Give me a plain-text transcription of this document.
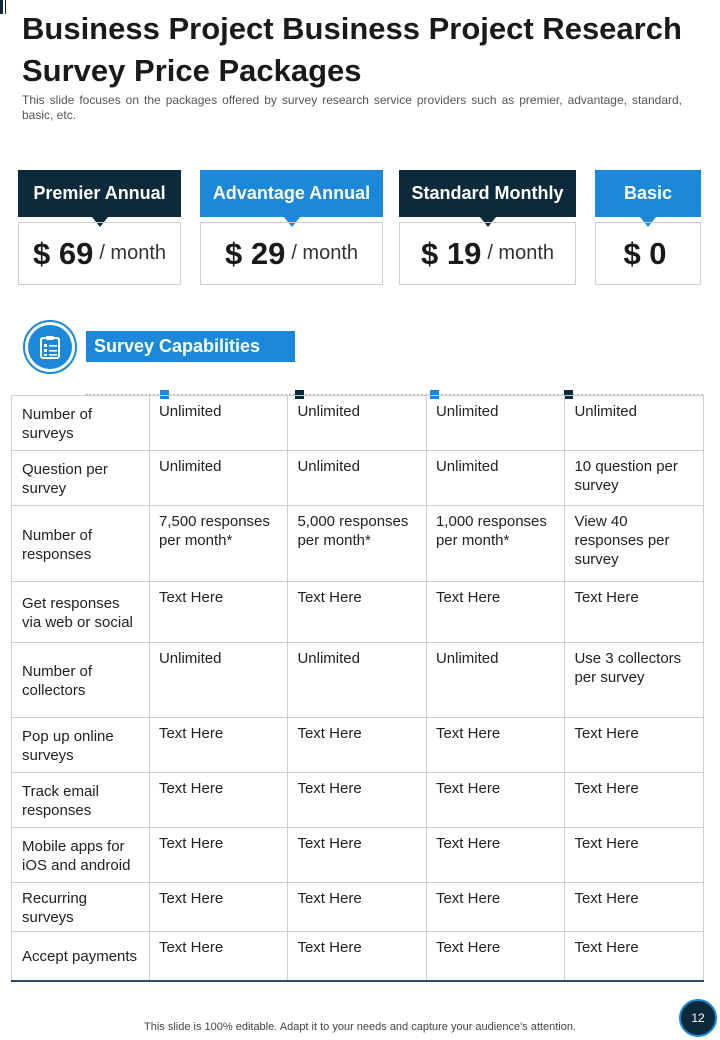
Business Project Business Project Research Survey Price Packages

This slide focuses on the packages offered by survey research service providers such as premier, advantage, standard, basic, etc.

Premier Annual
$ 69 / month
Advantage Annual
$ 29 / month
Standard Monthly
$ 19 / month
Basic
$ 0
Survey Capabilities
Number of surveys	Unlimited	Unlimited	Unlimited	Unlimited
Question per survey	Unlimited	Unlimited	Unlimited	10 question per survey
Number of responses	7,500 responses per month*	5,000 responses per month*	1,000 responses per month*	View 40 responses per survey
Get responses via web or social	Text Here	Text Here	Text Here	Text Here
Number of collectors	Unlimited	Unlimited	Unlimited	Use 3 collectors per survey
Pop up online surveys	Text Here	Text Here	Text Here	Text Here
Track email responses	Text Here	Text Here	Text Here	Text Here
Mobile apps for iOS and android	Text Here	Text Here	Text Here	Text Here
Recurring surveys	Text Here	Text Here	Text Here	Text Here
Accept payments	Text Here	Text Here	Text Here	Text Here
This slide is 100% editable. Adapt it to your needs and capture your audience's attention.
12
